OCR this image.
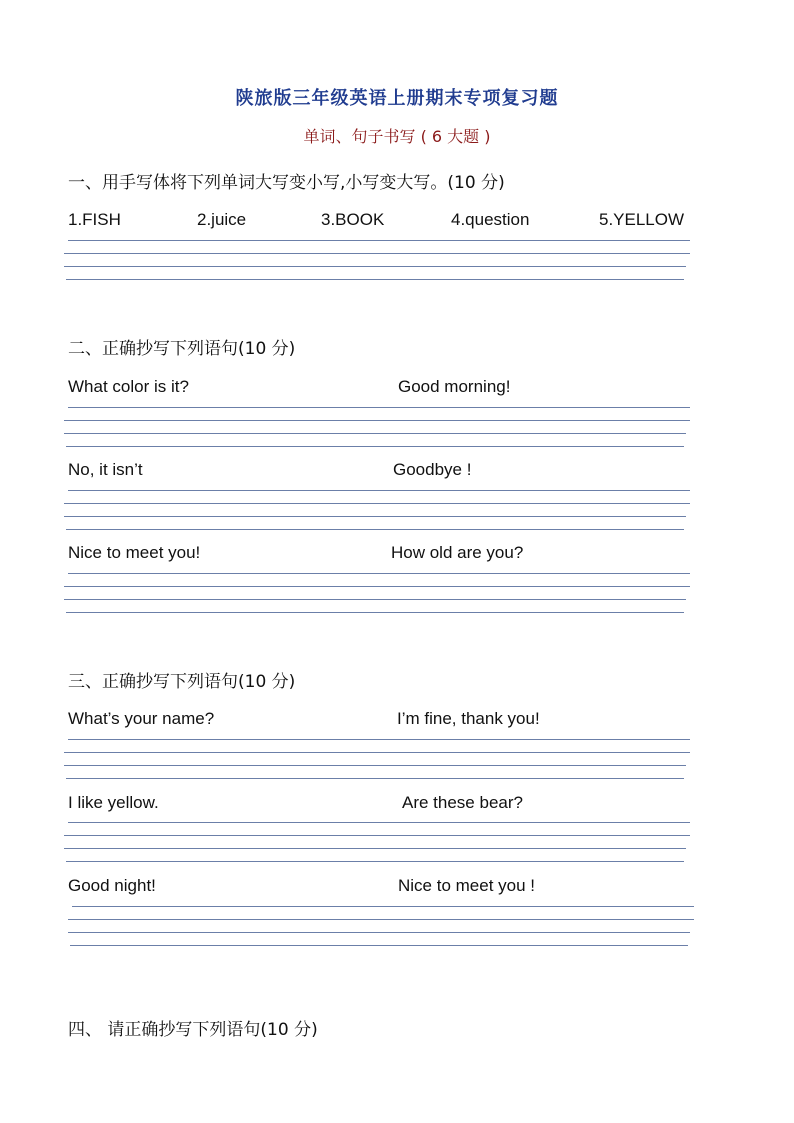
陕旅版三年级英语上册期末专项复习题
单词、句子书写 ( 6 大题 )
一、用手写体将下列单词大写变小写,小写变大写。(10 分)
1.FISH	2.juice	3.BOOK	4.question	5.YELLOW
二、正确抄写下列语句(10 分)
What color is it?	Good morning!
No, it isn’t	Goodbye !
Nice to meet you!	How old are you?
三、正确抄写下列语句(10 分)
What’s your name?	I’m fine, thank you!
I like yellow.	Are these bear?
Good night!	Nice to meet you !
四、 请正确抄写下列语句(10 分)
